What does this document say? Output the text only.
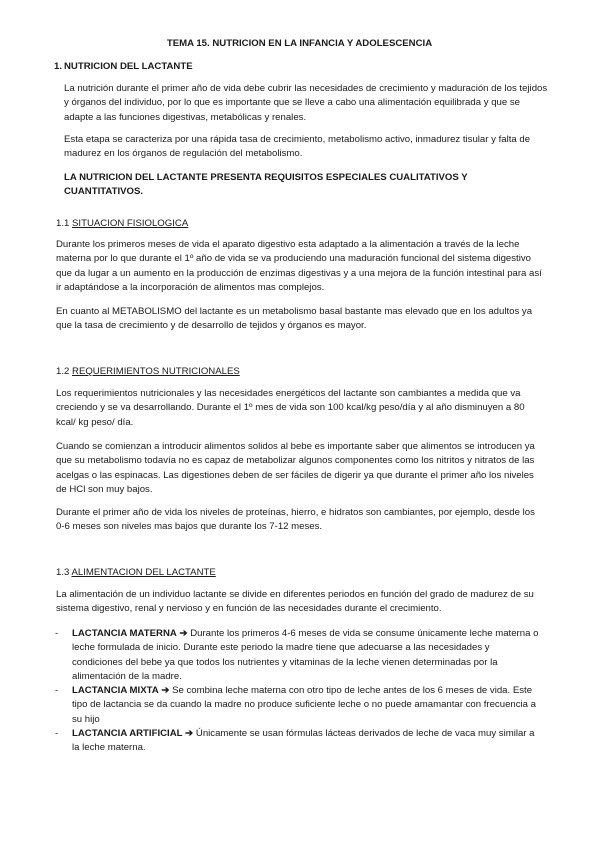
TEMA 15. NUTRICION EN LA INFANCIA Y ADOLESCENCIA
1. NUTRICION DEL LACTANTE

La nutrición durante el primer año de vida debe cubrir las necesidades de crecimiento y maduración de los tejidos y órganos del individuo, por lo que es importante que se lleve a cabo una alimentación equilibrada y que se adapte a las funciones digestivas, metabólicas y renales.

Esta etapa se caracteriza por una rápida tasa de crecimiento, metabolismo activo, inmadurez tisular y falta de madurez en los órganos de regulación del metabolismo.

LA NUTRICION DEL LACTANTE PRESENTA REQUISITOS ESPECIALES CUALITATIVOS Y CUANTITATIVOS.

1.1 SITUACION FISIOLOGICA

Durante los primeros meses de vida el aparato digestivo esta adaptado a la alimentación a través de la leche materna por lo que durante el 1º año de vida se va produciendo una maduración funcional del sistema digestivo que da lugar a un aumento en la producción de enzimas digestivas y a una mejora de la función intestinal para así ir adaptándose a la incorporación de alimentos mas complejos.

En cuanto al METABOLISMO del lactante es un metabolismo basal bastante mas elevado que en los adultos ya que la tasa de crecimiento y de desarrollo de tejidos y órganos es mayor.

1.2 REQUERIMIENTOS NUTRICIONALES

Los requerimientos nutricionales y las necesidades energéticos del lactante son cambiantes a medida que va creciendo y se va desarrollando. Durante el 1º mes de vida son 100 kcal/kg peso/día y al año disminuyen a 80 kcal/ kg peso/ día.

Cuando se comienzan a introducir alimentos solidos al bebe es importante saber que alimentos se introducen ya que su metabolismo todavía no es capaz de metabolizar algunos componentes como los nitritos y nitratos de las acelgas o las espinacas. Las digestiones deben de ser fáciles de digerir ya que durante el primer año los niveles de HCl son muy bajos.

Durante el primer año de vida los niveles de proteínas, hierro, e hidratos son cambiantes, por ejemplo, desde los 0-6 meses son niveles mas bajos que durante los 7-12 meses.

1.3 ALIMENTACION DEL LACTANTE

La alimentación de un individuo lactante se divide en diferentes periodos en función del grado de madurez de su sistema digestivo, renal y nervioso y en función de las necesidades durante el crecimiento.

- LACTANCIA MATERNA ➔ Durante los primeros 4-6 meses de vida se consume únicamente leche materna o leche formulada de inicio. Durante este periodo la madre tiene que adecuarse a las necesidades y condiciones del bebe ya que todos los nutrientes y vitaminas de la leche vienen determinadas por la alimentación de la madre.

- LACTANCIA MIXTA ➔ Se combina leche materna con otro tipo de leche antes de los 6 meses de vida. Este tipo de lactancia se da cuando la madre no produce suficiente leche o no puede amamantar con frecuencia a su hijo

- LACTANCIA ARTIFICIAL ➔ Únicamente se usan fórmulas lácteas derivados de leche de vaca muy similar a la leche materna.
